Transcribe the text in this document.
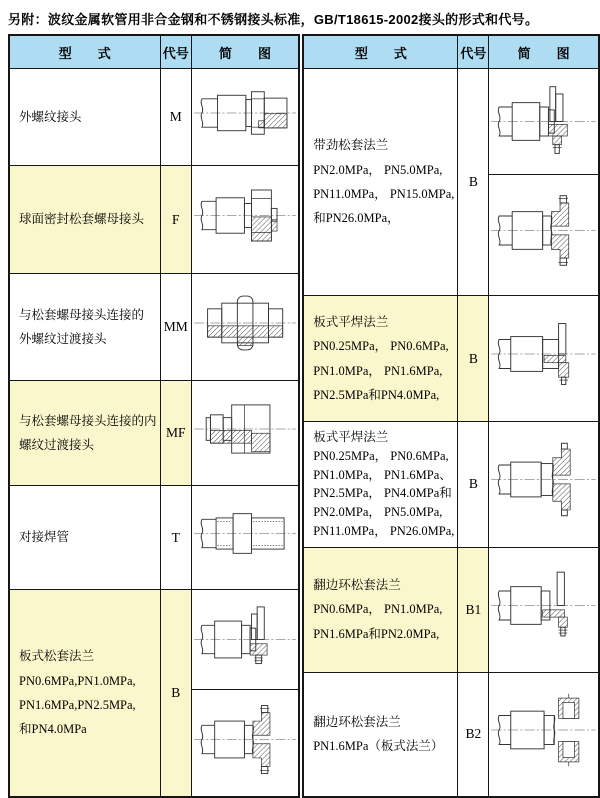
另附：波纹金属软管用非合金钢和不锈钢接头标准，GB/T18615-2002接头的形式和代号。
型　　式	代号	简　　图

外螺纹接头	M	

球面密封松套螺母接头	F	

与松套螺母接头连接的
外螺纹过渡接头	MM	

与松套螺母接头连接的内
螺纹过渡接头	MF	

对接焊管	T	

板式松套法兰
PN0.6MPa,PN1.0MPa,
PN1.6MPa,PN2.5MPa,
和PN4.0MPa	B	
型　　式	代号	简　　图

带劲松套法兰
PN2.0MPa， PN5.0MPa,
PN11.0MPa， PN15.0MPa,
和PN26.0MPa，	B	

板式平焊法兰
PN0.25MPa， PN0.6MPa,
PN1.0MPa， PN1.6MPa,
PN2.5MPa和PN4.0MPa,	B	

板式平焊法兰
PN0.25MPa， PN0.6MPa,
PN1.0MPa， PN1.6MPa、
PN2.5MPa， PN4.0MPa和
PN2.0MPa， PN5.0MPa,
PN11.0MPa， PN26.0MPa,
	B	

翻边环松套法兰
PN0.6MPa， PN1.0MPa,
PN1.6MPa和PN2.0MPa,	B1	

翻边环松套法兰
PN1.6MPa（板式法兰）	B2	
